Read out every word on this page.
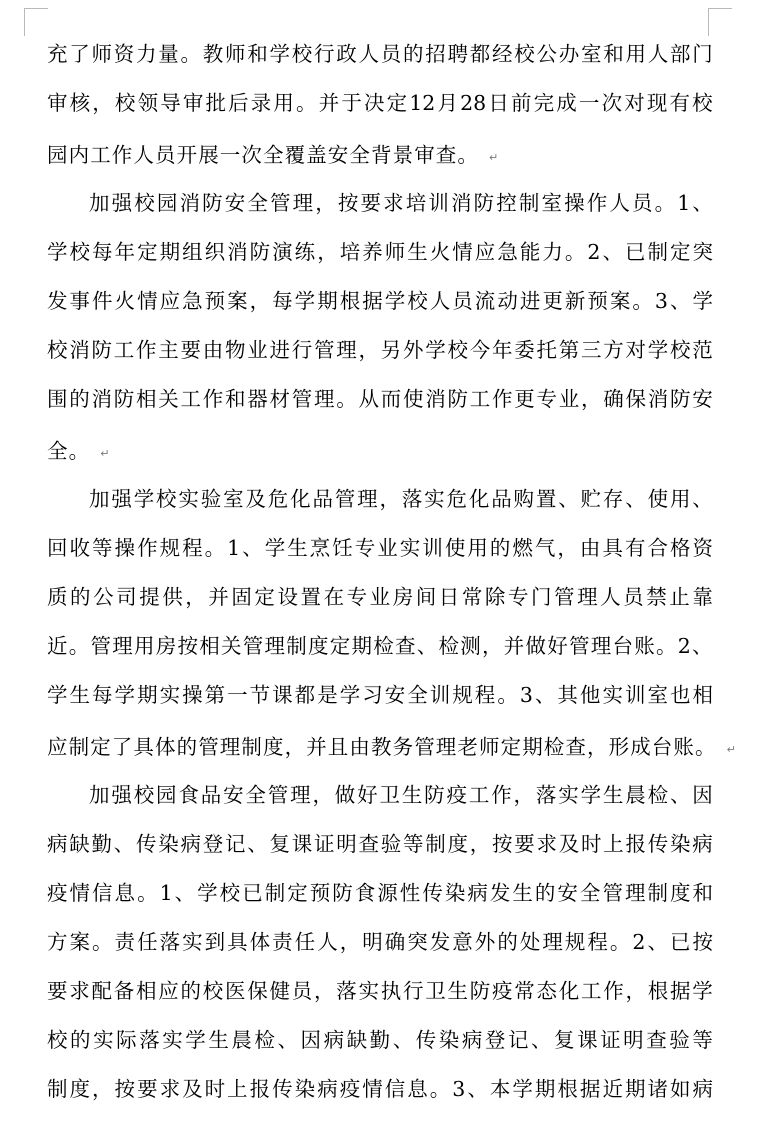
充 了 师 资 力 量 。 教 师 和 学 校 行 政 人 员 的 招 聘 都 经 校 公 办 室 和 用 人 部 门
审 核 ， 校 领 导 审 批 后 录 用 。 并 于 决 定 12 月 28 日 前 完 成 一 次 对 现 有 校
园内工作人员开展一次全覆盖安全背景审查。 ↵
加 强 校 园 消 防 安 全 管 理 ， 按 要 求 培 训 消 防 控 制 室 操 作 人 员 。 1 、
学 校 每 年 定 期 组 织 消 防 演 练 ， 培 养 师 生 火 情 应 急 能 力 。 2 、 已 制 定 突
发 事 件 火 情 应 急 预 案 ， 每 学 期 根 据 学 校 人 员 流 动 进 更 新 预 案 。 3 、 学
校 消 防 工 作 主 要 由 物 业 进 行 管 理 ， 另 外 学 校 今 年 委 托 第 三 方 对 学 校 范
围 的 消 防 相 关 工 作 和 器 材 管 理 。 从 而 使 消 防 工 作 更 专 业 ， 确 保 消 防 安
全。 ↵
加 强 学 校 实 验 室 及 危 化 品 管 理 ， 落 实 危 化 品 购 置 、 贮 存 、 使 用 、
回 收 等 操 作 规 程 。 1 、 学 生 烹 饪 专 业 实 训 使 用 的 燃 气 ， 由 具 有 合 格 资
质 的 公 司 提 供 ， 并 固 定 设 置 在 专 业 房 间 日 常 除 专 门 管 理 人 员 禁 止 靠
近 。 管 理 用 房 按 相 关 管 理 制 度 定 期 检 查 、 检 测 ， 并 做 好 管 理 台 账 。 2 、
学 生 每 学 期 实 操 第 一 节 课 都 是 学 习 安 全 训 规 程 。 3 、 其 他 实 训 室 也 相
应制定了具体的管理制度，并且由教务管理老师定期检查，形成台账。 ↵
加 强 校 园 食 品 安 全 管 理 ， 做 好 卫 生 防 疫 工 作 ， 落 实 学 生 晨 检 、 因
病 缺 勤 、 传 染 病 登 记 、 复 课 证 明 查 验 等 制 度 ， 按 要 求 及 时 上 报 传 染 病
疫 情 信 息 。 1 、 学 校 已 制 定 预 防 食 源 性 传 染 病 发 生 的 安 全 管 理 制 度 和
方 案 。 责 任 落 实 到 具 体 责 任 人 ， 明 确 突 发 意 外 的 处 理 规 程 。 2 、 已 按
要 求 配 备 相 应 的 校 医 保 健 员 ， 落 实 执 行 卫 生 防 疫 常 态 化 工 作 ， 根 据 学
校 的 实 际 落 实 学 生 晨 检 、 因 病 缺 勤 、 传 染 病 登 记 、 复 课 证 明 查 验 等
制 度 ， 按 要 求 及 时 上 报 传 染 病 疫 情 信 息 。 3 、 本 学 期 根 据 近 期 诸 如 病
